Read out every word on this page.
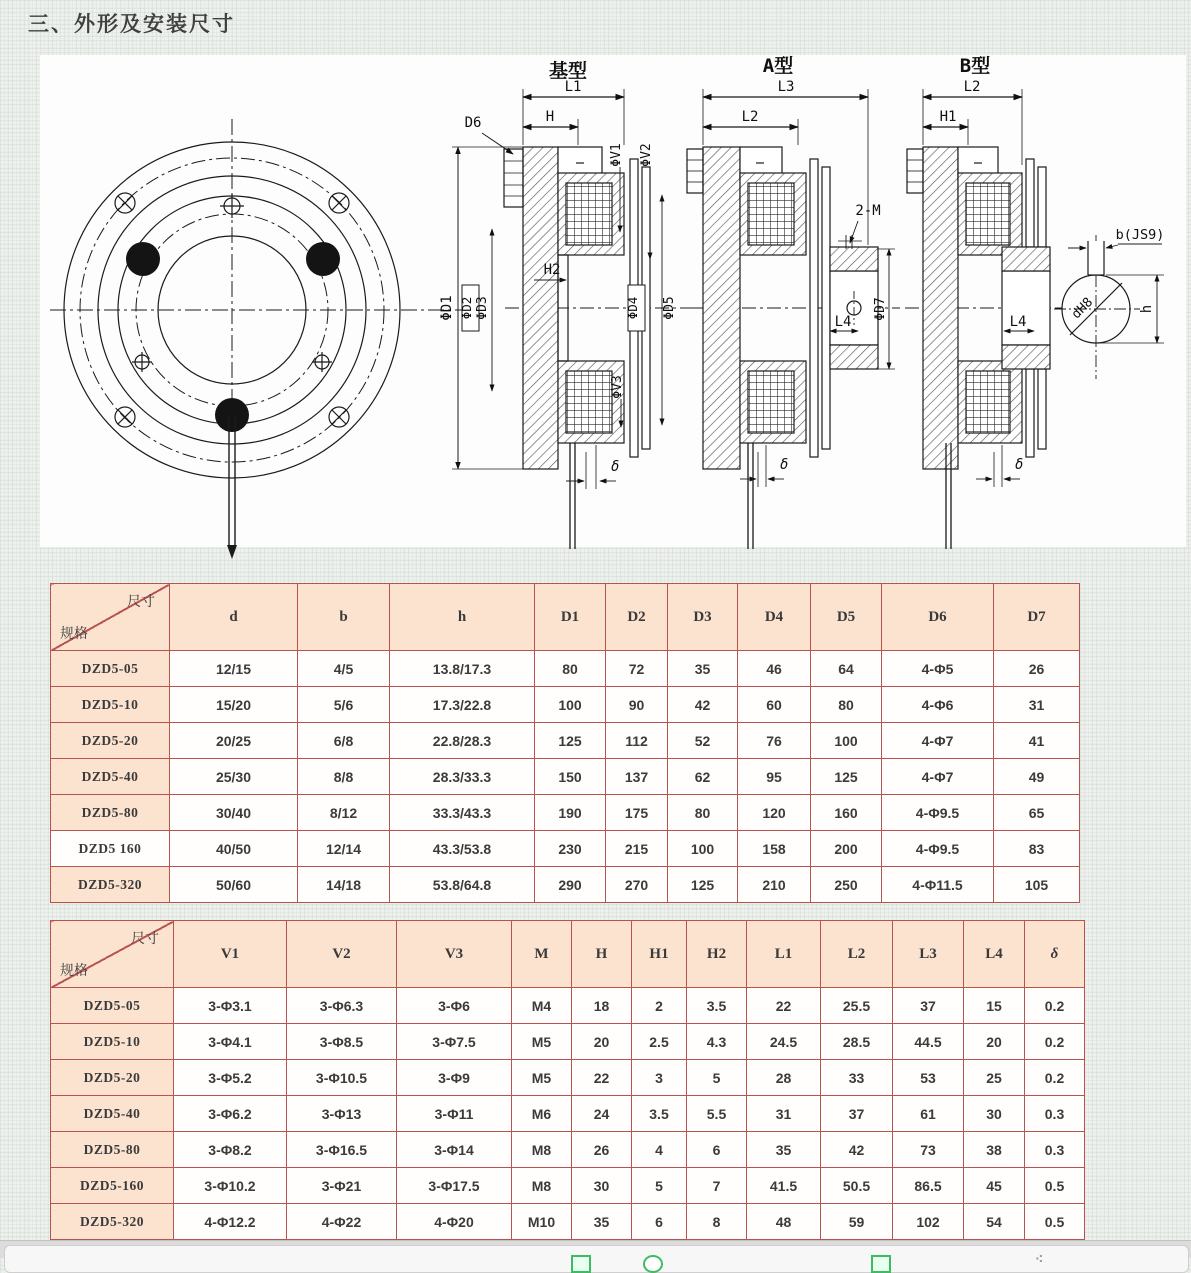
三、外形及安装尺寸
基型
ΦD1
L1
H
D6
ΦV1 ΦV2
H2
ΦD2 ΦD3	ΦD4 ΦD5
ΦV3
δ
A型
L3
L2
2-M
L4
ΦD7
δ
B型
L2
H1
L4
δ
dH8
b(JS9)
h
尺寸
规格	d	b	h	D1	D2	D3	D4	D5	D6	D7
DZD5-05	12/15	4/5	13.8/17.3	80	72	35	46	64	4-Φ5	26
DZD5-10	15/20	5/6	17.3/22.8	100	90	42	60	80	4-Φ6	31
DZD5-20	20/25	6/8	22.8/28.3	125	112	52	76	100	4-Φ7	41
DZD5-40	25/30	8/8	28.3/33.3	150	137	62	95	125	4-Φ7	49
DZD5-80	30/40	8/12	33.3/43.3	190	175	80	120	160	4-Φ9.5	65
DZD5 160	40/50	12/14	43.3/53.8	230	215	100	158	200	4-Φ9.5	83
DZD5-320	50/60	14/18	53.8/64.8	290	270	125	210	250	4-Φ11.5	105
尺寸
规格	V1	V2	V3	M	H	H1	H2	L1	L2	L3	L4	δ
DZD5-05	3-Φ3.1	3-Φ6.3	3-Φ6	M4	18	2	3.5	22	25.5	37	15	0.2
DZD5-10	3-Φ4.1	3-Φ8.5	3-Φ7.5	M5	20	2.5	4.3	24.5	28.5	44.5	20	0.2
DZD5-20	3-Φ5.2	3-Φ10.5	3-Φ9	M5	22	3	5	28	33	53	25	0.2
DZD5-40	3-Φ6.2	3-Φ13	3-Φ11	M6	24	3.5	5.5	31	37	61	30	0.3
DZD5-80	3-Φ8.2	3-Φ16.5	3-Φ14	M8	26	4	6	35	42	73	38	0.3
DZD5-160	3-Φ10.2	3-Φ21	3-Φ17.5	M8	30	5	7	41.5	50.5	86.5	45	0.5
DZD5-320	4-Φ12.2	4-Φ22	4-Φ20	M10	35	6	8	48	59	102	54	0.5
⁖
